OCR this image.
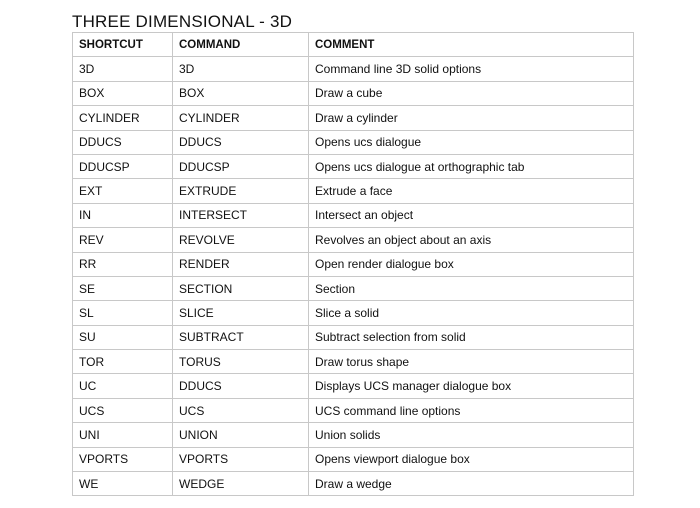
THREE DIMENSIONAL - 3D
SHORTCUT	COMMAND	COMMENT
3D	3D	Command line 3D solid options
BOX	BOX	Draw a cube
CYLINDER	CYLINDER	Draw a cylinder
DDUCS	DDUCS	Opens ucs dialogue
DDUCSP	DDUCSP	Opens ucs dialogue at orthographic tab
EXT	EXTRUDE	Extrude a face
IN	INTERSECT	Intersect an object
REV	REVOLVE	Revolves an object about an axis
RR	RENDER	Open render dialogue box
SE	SECTION	Section
SL	SLICE	Slice a solid
SU	SUBTRACT	Subtract selection from solid
TOR	TORUS	Draw torus shape
UC	DDUCS	Displays UCS manager dialogue box
UCS	UCS	UCS command line options
UNI	UNION	Union solids
VPORTS	VPORTS	Opens viewport dialogue box
WE	WEDGE	Draw a wedge
